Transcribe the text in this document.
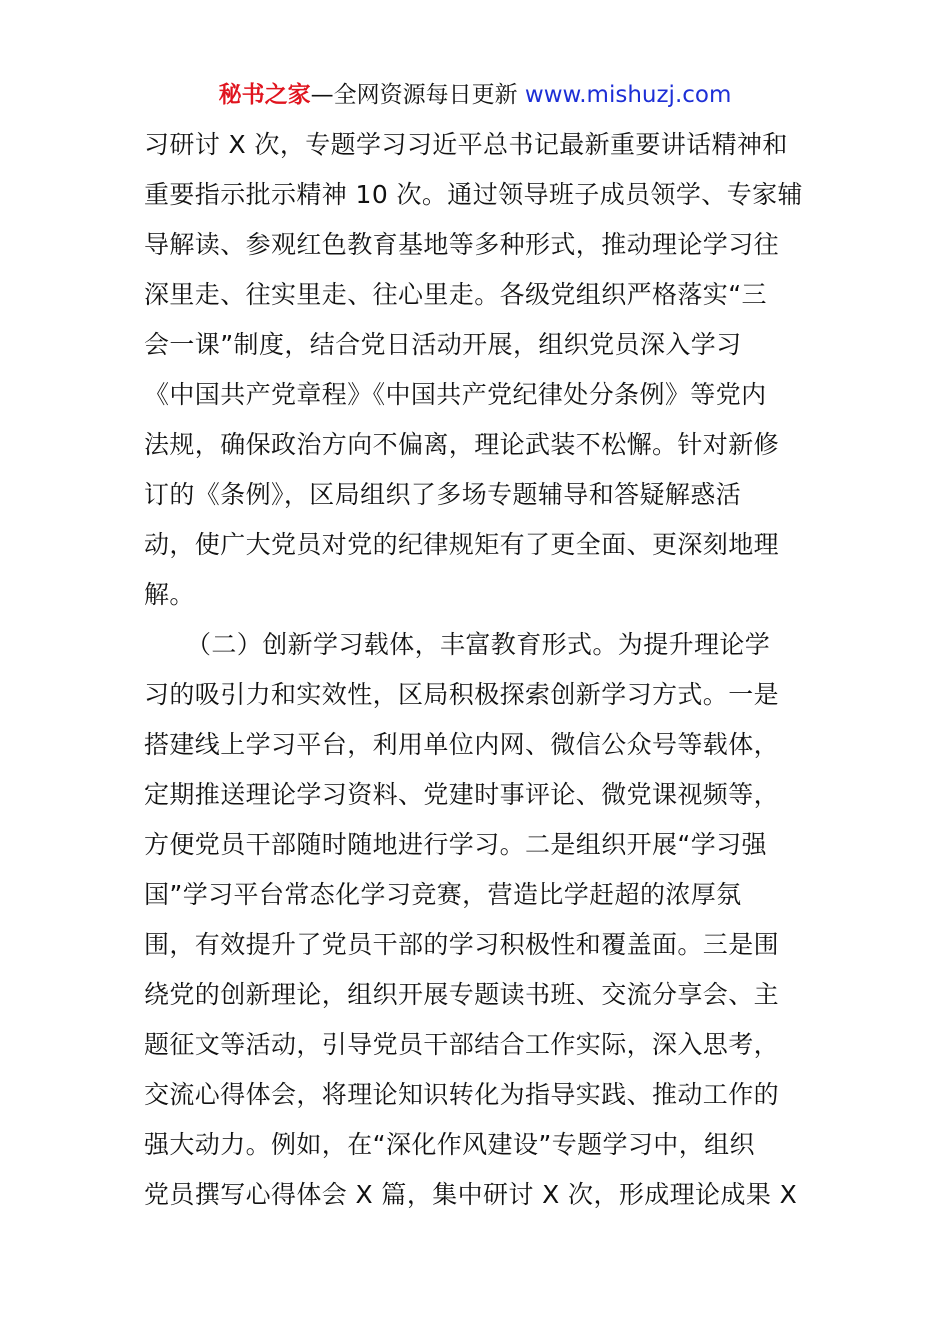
秘书之家—全网资源每日更新 www.mishuzj.com
习研讨 X 次，专题学习习近平总书记最新重要讲话精神和
重要指示批示精神 10 次。通过领导班子成员领学、专家辅
导解读、参观红色教育基地等多种形式，推动理论学习往
深里走、往实里走、往心里走。各级党组织严格落实“三
会一课”制度，结合党日活动开展，组织党员深入学习
《中国共产党章程》《中国共产党纪律处分条例》等党内
法规，确保政治方向不偏离，理论武装不松懈。针对新修
订的《条例》，区局组织了多场专题辅导和答疑解惑活
动，使广大党员对党的纪律规矩有了更全面、更深刻地理
解。
（二）创新学习载体，丰富教育形式。为提升理论学
习的吸引力和实效性，区局积极探索创新学习方式。一是
搭建线上学习平台，利用单位内网、微信公众号等载体，
定期推送理论学习资料、党建时事评论、微党课视频等，
方便党员干部随时随地进行学习。二是组织开展“学习强
国”学习平台常态化学习竞赛，营造比学赶超的浓厚氛
围，有效提升了党员干部的学习积极性和覆盖面。三是围
绕党的创新理论，组织开展专题读书班、交流分享会、主
题征文等活动，引导党员干部结合工作实际，深入思考，
交流心得体会，将理论知识转化为指导实践、推动工作的
强大动力。例如，在“深化作风建设”专题学习中，组织
党员撰写心得体会 X 篇，集中研讨 X 次，形成理论成果 X
